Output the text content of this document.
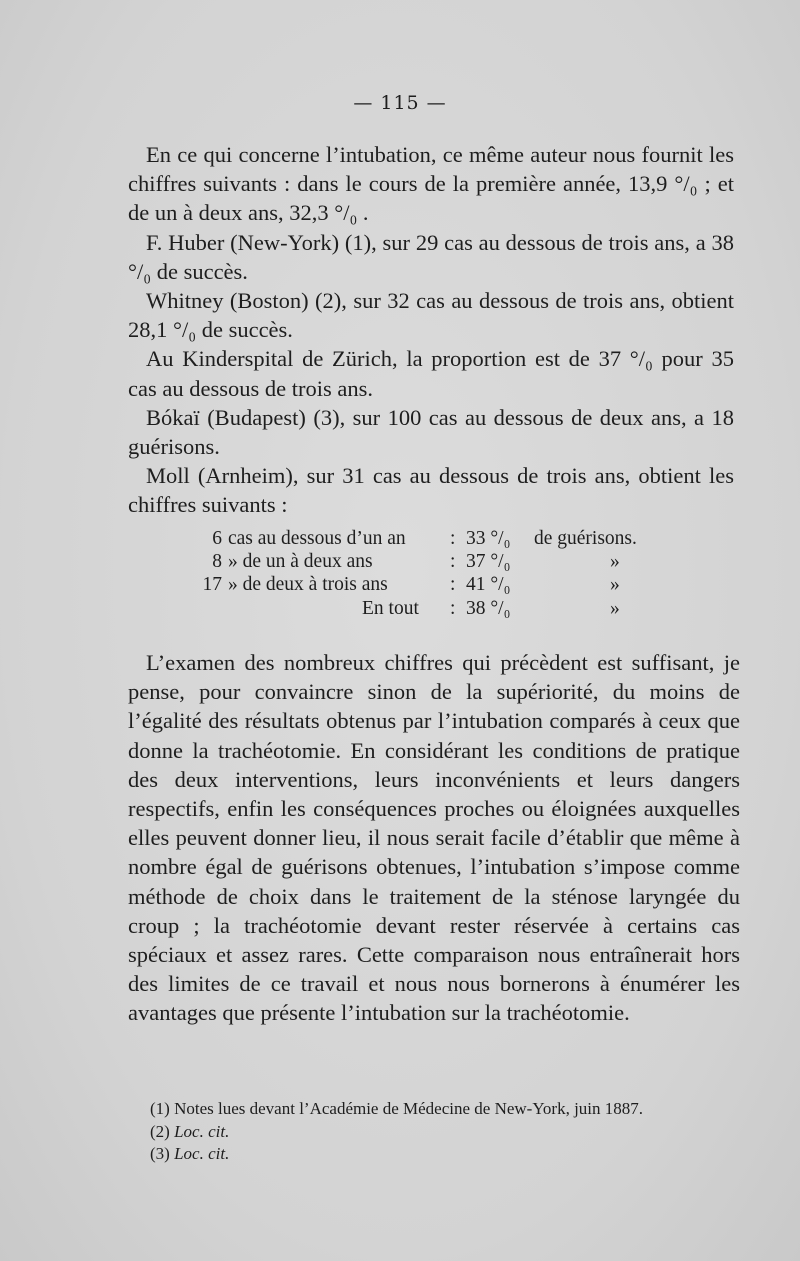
— 115 —

En ce qui concerne l’intubation, ce même auteur nous fournit les chiffres suivants : dans le cours de la première année, 13,9 °/₀ ; et de un à deux ans, 32,3 °/₀ .

F. Huber (New-York) (1), sur 29 cas au dessous de trois ans, a 38 °/₀ de succès.

Whitney (Boston) (2), sur 32 cas au dessous de trois ans, obtient 28,1 °/₀ de succès.

Au Kinderspital de Zürich, la proportion est de 37 °/₀ pour 35 cas au dessous de trois ans.

Bókaï (Budapest) (3), sur 100 cas au dessous de deux ans, a 18 guérisons.

Moll (Arnheim), sur 31 cas au dessous de trois ans, obtient les chiffres suivants :

6 cas au dessous d’un an : 33 °/₀ de guérisons.
8 » de un à deux ans	: 37 °/₀	»
17 » de deux à trois ans	: 41 °/₀	»
En tout : 38 °/₀	»

L’examen des nombreux chiffres qui précèdent est suffisant, je pense, pour convaincre sinon de la supériorité, du moins de l’égalité des résultats obtenus par l’intubation comparés à ceux que donne la trachéotomie. En considérant les conditions de pratique des deux interventions, leurs inconvénients et leurs dangers respectifs, enfin les conséquences proches ou éloignées auxquelles elles peuvent donner lieu, il nous serait facile d’établir que même à nombre égal de guérisons obtenues, l’intubation s’impose comme méthode de choix dans le traitement de la sténose laryngée du croup ; la trachéotomie devant rester réservée à certains cas spéciaux et assez rares. Cette comparaison nous entraînerait hors des limites de ce travail et nous nous bornerons à énumérer les avantages que présente l’intubation sur la trachéotomie.

(1) Notes lues devant l’Académie de Médecine de New-York, juin 1887.
(2) Loc. cit.
(3) Loc. cit.
